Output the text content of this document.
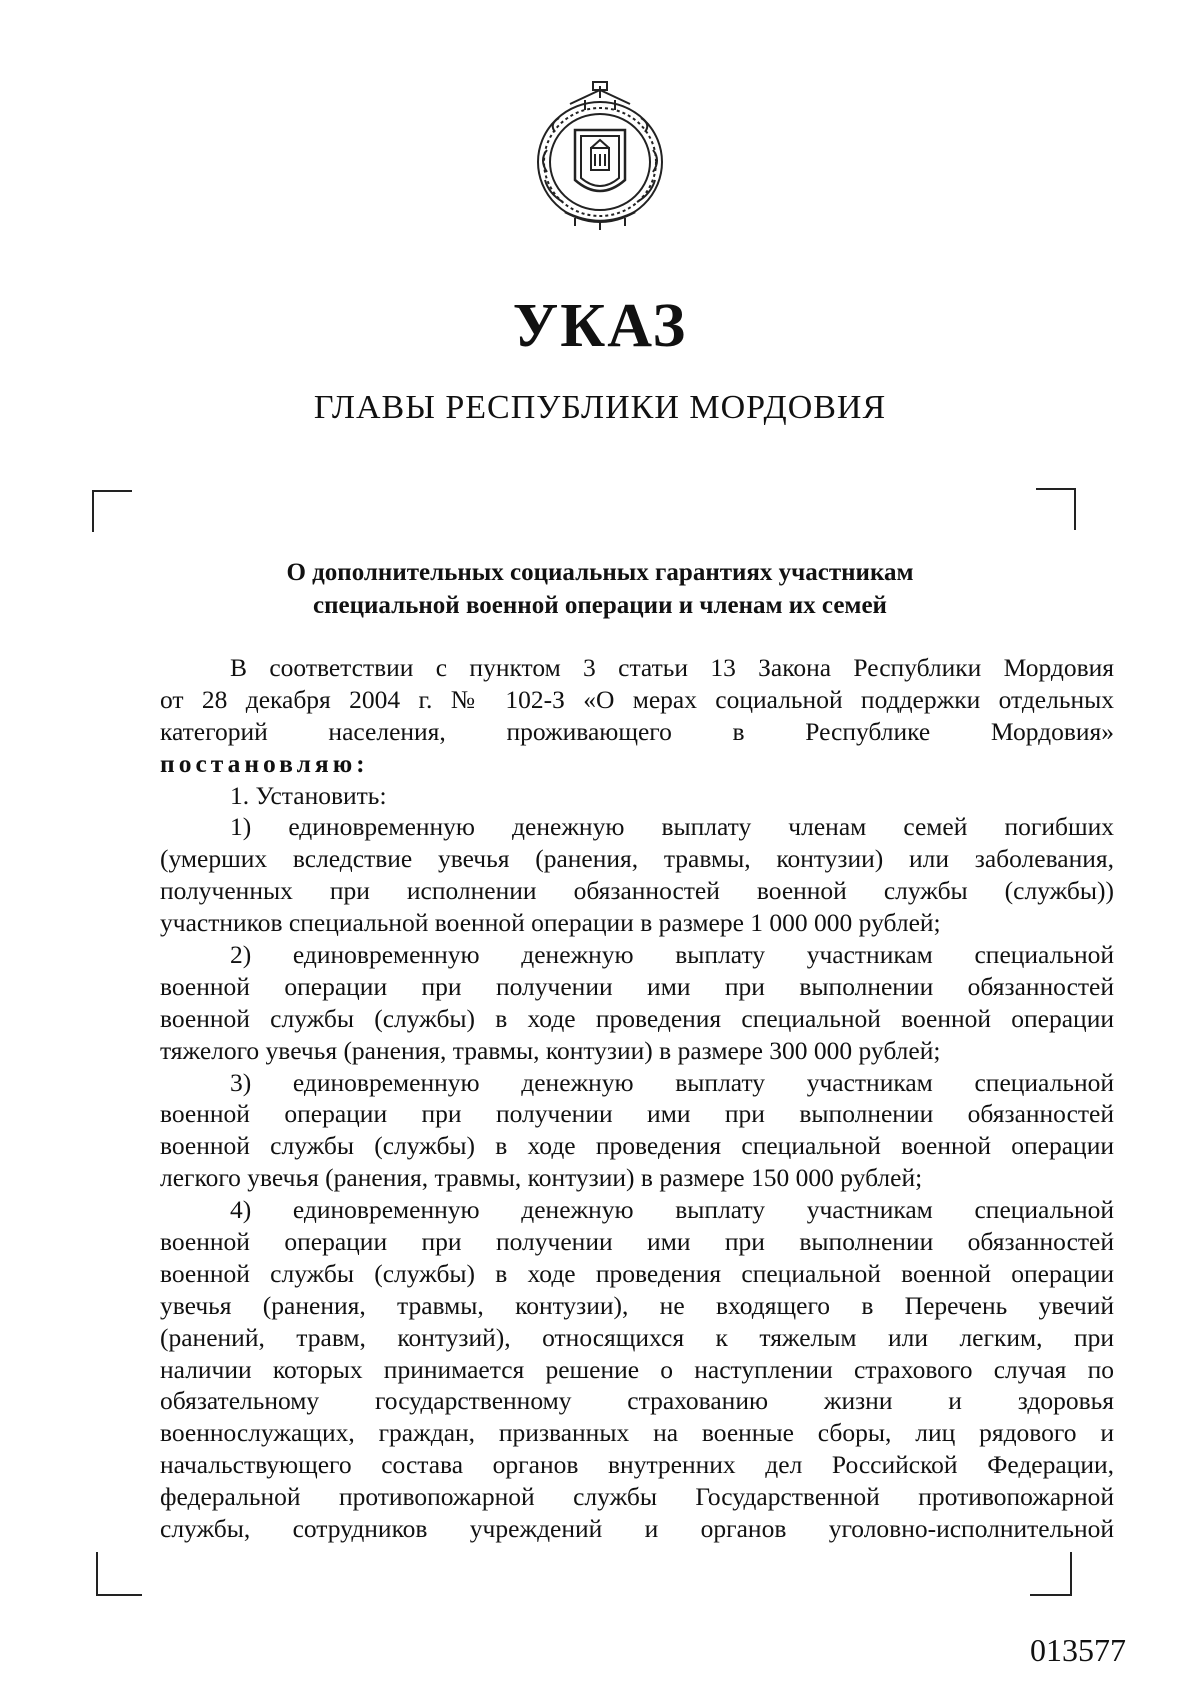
УКАЗ
ГЛАВЫ РЕСПУБЛИКИ МОРДОВИЯ
О дополнительных социальных гарантиях участникам
специальной военной операции и членам их семей
В соответствии с пунктом 3 статьи 13 Закона Республики Мордовия
от 28 декабря 2004 г. № 102-З «О мерах социальной поддержки отдельных
категорий населения, проживающего в Республике Мордовия»
постановляю:
1. Установить:
1) единовременную денежную выплату членам семей погибших
(умерших вследствие увечья (ранения, травмы, контузии) или заболевания,
полученных при исполнении обязанностей военной службы (службы))
участников специальной военной операции в размере 1 000 000 рублей;
2) единовременную денежную выплату участникам специальной
военной операции при получении ими при выполнении обязанностей
военной службы (службы) в ходе проведения специальной военной операции
тяжелого увечья (ранения, травмы, контузии) в размере 300 000 рублей;
3) единовременную денежную выплату участникам специальной
военной операции при получении ими при выполнении обязанностей
военной службы (службы) в ходе проведения специальной военной операции
легкого увечья (ранения, травмы, контузии) в размере 150 000 рублей;
4) единовременную денежную выплату участникам специальной
военной операции при получении ими при выполнении обязанностей
военной службы (службы) в ходе проведения специальной военной операции
увечья (ранения, травмы, контузии), не входящего в Перечень увечий
(ранений, травм, контузий), относящихся к тяжелым или легким, при
наличии которых принимается решение о наступлении страхового случая по
обязательному государственному страхованию жизни и здоровья
военнослужащих, граждан, призванных на военные сборы, лиц рядового и
начальствующего состава органов внутренних дел Российской Федерации,
федеральной противопожарной службы Государственной противопожарной
службы, сотрудников учреждений и органов уголовно-исполнительной
013577
